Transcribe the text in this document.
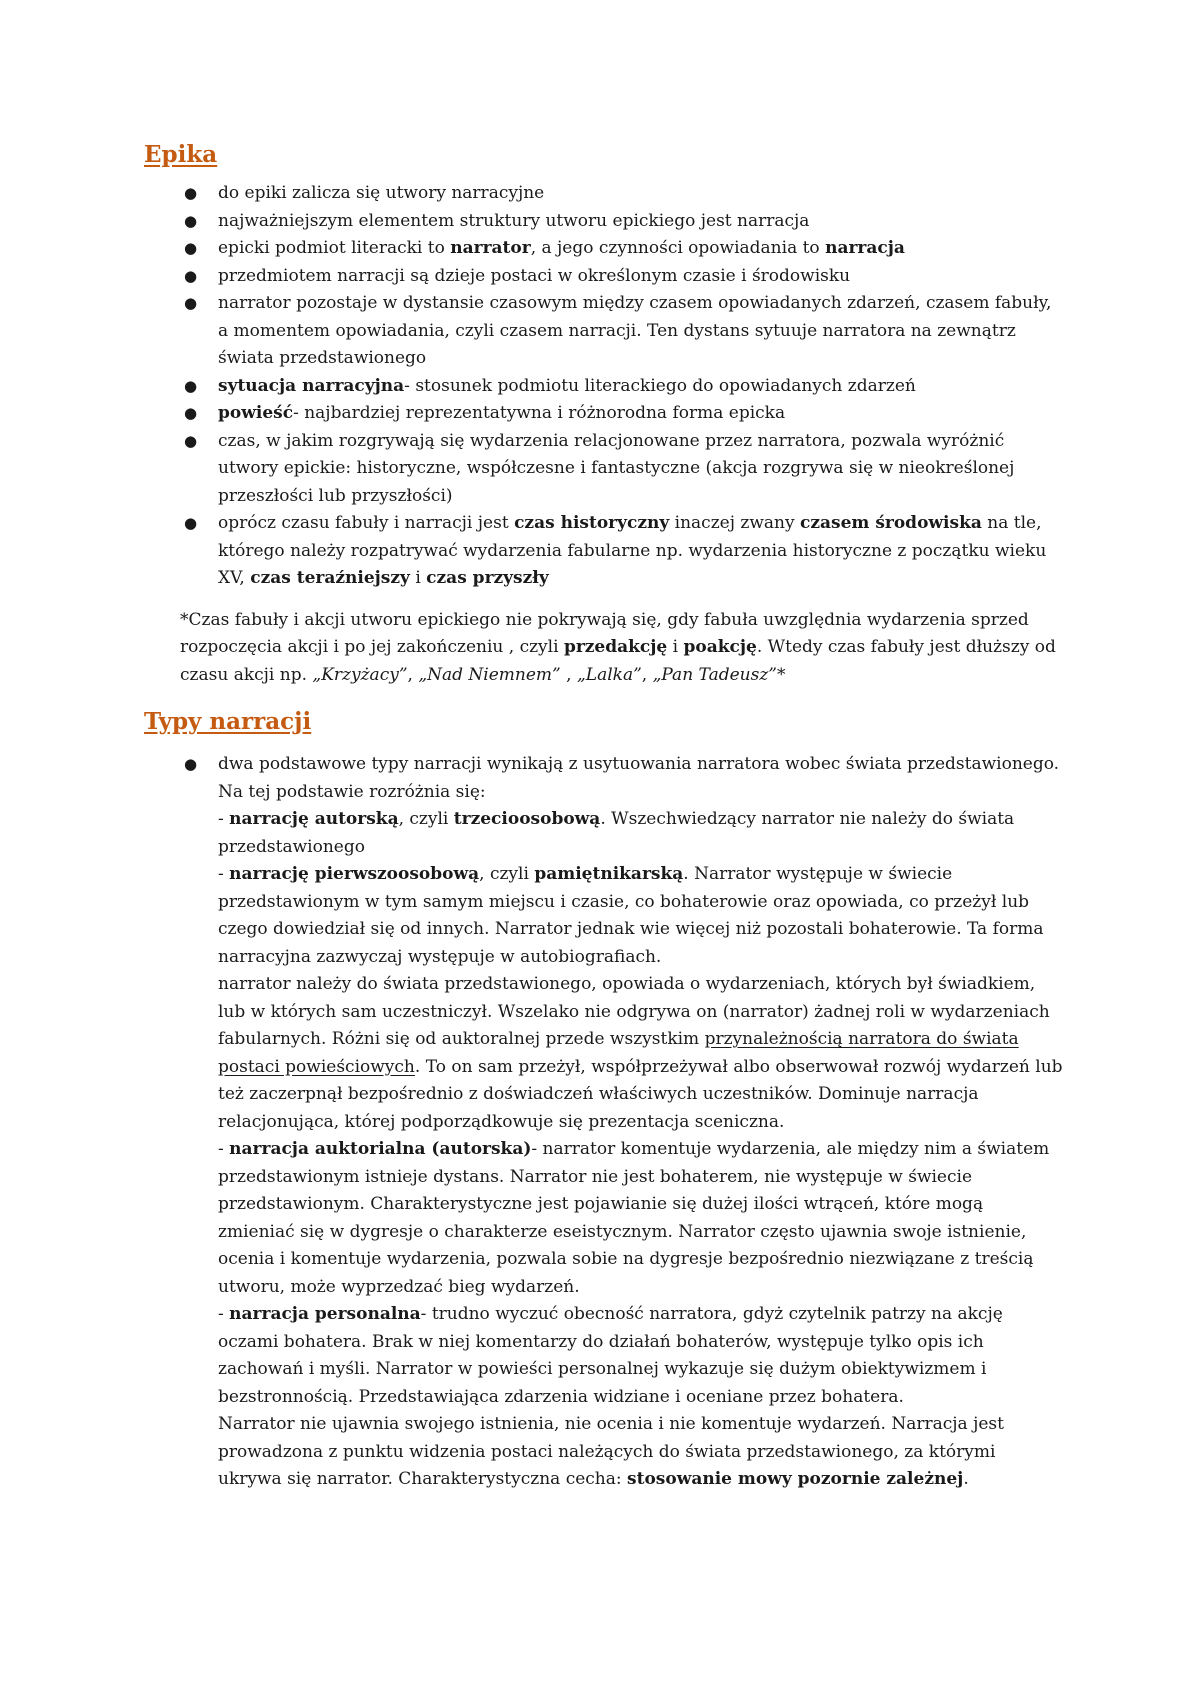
Epika
● do epiki zalicza się utwory narracyjne
● najważniejszym elementem struktury utworu epickiego jest narracja
● epicki podmiot literacki to narrator, a jego czynności opowiadania to narracja
● przedmiotem narracji są dzieje postaci w określonym czasie i środowisku
● narrator pozostaje w dystansie czasowym między czasem opowiadanych zdarzeń, czasem fabuły, a momentem opowiadania, czyli czasem narracji. Ten dystans sytuuje narratora na zewnątrz świata przedstawionego
● sytuacja narracyjna- stosunek podmiotu literackiego do opowiadanych zdarzeń
● powieść- najbardziej reprezentatywna i różnorodna forma epicka
● czas, w jakim rozgrywają się wydarzenia relacjonowane przez narratora, pozwala wyróżnić utwory epickie: historyczne, współczesne i fantastyczne (akcja rozgrywa się w nieokreślonej przeszłości lub przyszłości)
● oprócz czasu fabuły i narracji jest czas historyczny inaczej zwany czasem środowiska na tle, którego należy rozpatrywać wydarzenia fabularne np. wydarzenia historyczne z początku wieku XV, czas teraźniejszy i czas przyszły

*Czas fabuły i akcji utworu epickiego nie pokrywają się, gdy fabuła uwzględnia wydarzenia sprzed rozpoczęcia akcji i po jej zakończeniu , czyli przedakcję i poakcję. Wtedy czas fabuły jest dłuższy od czasu akcji np. „Krzyżacy”, „Nad Niemnem” , „Lalka”, „Pan Tadeusz”*

Typy narracji
● dwa podstawowe typy narracji wynikają z usytuowania narratora wobec świata przedstawionego. Na tej podstawie rozróżnia się:
- narrację autorską, czyli trzecioosobową. Wszechwiedzący narrator nie należy do świata przedstawionego
- narrację pierwszoosobową, czyli pamiętnikarską. Narrator występuje w świecie przedstawionym w tym samym miejscu i czasie, co bohaterowie oraz opowiada, co przeżył lub czego dowiedział się od innych. Narrator jednak wie więcej niż pozostali bohaterowie. Ta forma narracyjna zazwyczaj występuje w autobiografiach.
narrator należy do świata przedstawionego, opowiada o wydarzeniach, których był świadkiem, lub w których sam uczestniczył. Wszelako nie odgrywa on (narrator) żadnej roli w wydarzeniach fabularnych. Różni się od auktoralnej przede wszystkim przynależnością narratora do świata postaci powieściowych. To on sam przeżył, współprzeżywał albo obserwował rozwój wydarzeń lub też zaczerpnął bezpośrednio z doświadczeń właściwych uczestników. Dominuje narracja relacjonująca, której podporządkowuje się prezentacja sceniczna.
- narracja auktorialna (autorska)- narrator komentuje wydarzenia, ale między nim a światem przedstawionym istnieje dystans. Narrator nie jest bohaterem, nie występuje w świecie przedstawionym. Charakterystyczne jest pojawianie się dużej ilości wtrąceń, które mogą zmieniać się w dygresje o charakterze eseistycznym. Narrator często ujawnia swoje istnienie, ocenia i komentuje wydarzenia, pozwala sobie na dygresje bezpośrednio niezwiązane z treścią utworu, może wyprzedzać bieg wydarzeń.
- narracja personalna- trudno wyczuć obecność narratora, gdyż czytelnik patrzy na akcję oczami bohatera. Brak w niej komentarzy do działań bohaterów, występuje tylko opis ich zachowań i myśli. Narrator w powieści personalnej wykazuje się dużym obiektywizmem i bezstronnością. Przedstawiająca zdarzenia widziane i oceniane przez bohatera.
Narrator nie ujawnia swojego istnienia, nie ocenia i nie komentuje wydarzeń. Narracja jest prowadzona z punktu widzenia postaci należących do świata przedstawionego, za którymi ukrywa się narrator. Charakterystyczna cecha: stosowanie mowy pozornie zależnej.
